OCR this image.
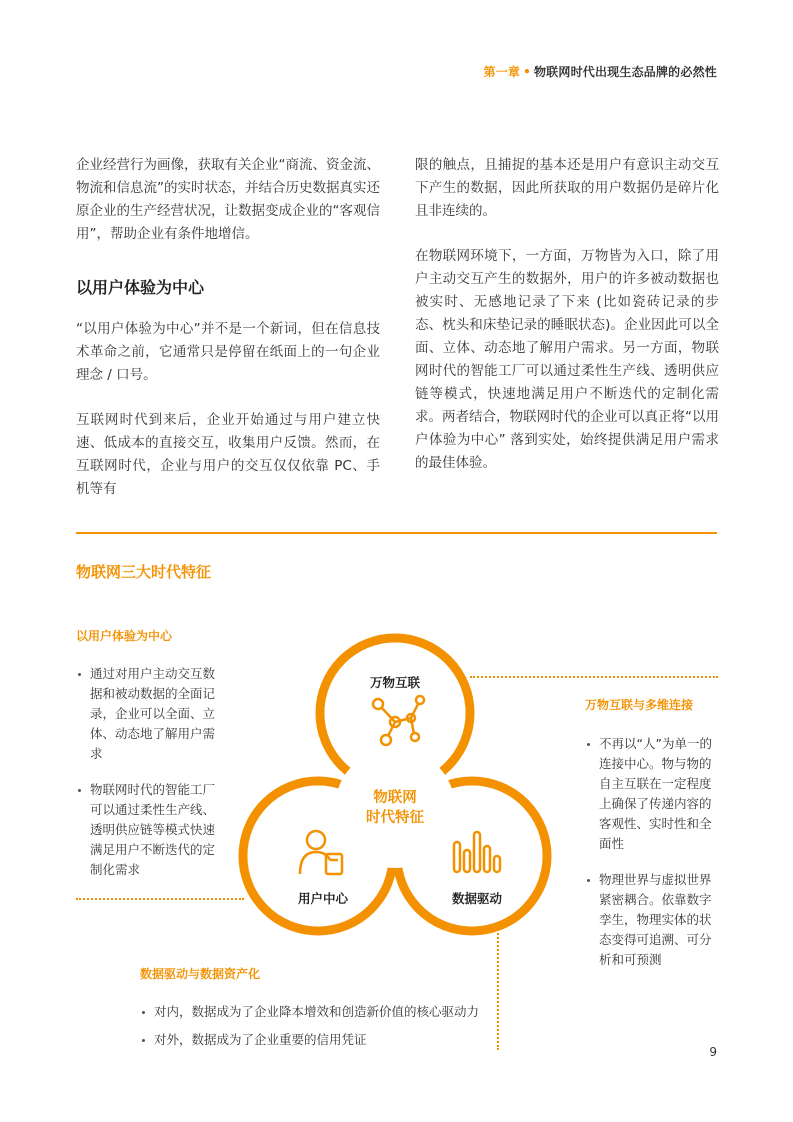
第一章 • 物联网时代出现生态品牌的必然性

企业经营行为画像，获取有关企业“商流、资金流、物流和信息流”的实时状态，并结合历史数据真实还原企业的生产经营状况，让数据变成企业的“客观信用”，帮助企业有条件地增信。

以用户体验为中心

“以用户体验为中心”并不是一个新词，但在信息技术革命之前，它通常只是停留在纸面上的一句企业理念 / 口号。

互联网时代到来后，企业开始通过与用户建立快速、低成本的直接交互，收集用户反馈。然而，在互联网时代，企业与用户的交互仅仅依靠 PC、手机等有

限的触点，且捕捉的基本还是用户有意识主动交互下产生的数据，因此所获取的用户数据仍是碎片化且非连续的。

在物联网环境下，一方面，万物皆为入口，除了用户主动交互产生的数据外，用户的许多被动数据也被实时、无感地记录了下来 (比如瓷砖记录的步态、枕头和床垫记录的睡眠状态)。企业因此可以全面、立体、动态地了解用户需求。另一方面，物联网时代的智能工厂可以通过柔性生产线、透明供应链等模式，快速地满足用户不断迭代的定制化需求。两者结合，物联网时代的企业可以真正将“以用户体验为中心” 落到实处，始终提供满足用户需求的最佳体验。

物联网三大时代特征
以用户体验为中心
通过对用户主动交互数据和被动数据的全面记录，企业可以全面、立体、动态地了解用户需求
物联网时代的智能工厂可以通过柔性生产线、透明供应链等模式快速满足用户不断迭代的定制化需求
万物互联与多维连接
不再以“人”为单一的连接中心。物与物的自主互联在一定程度上确保了传递内容的客观性、实时性和全面性
物理世界与虚拟世界紧密耦合。依靠数字孪生，物理实体的状态变得可追溯、可分析和可预测
数据驱动与数据资产化
对内，数据成为了企业降本增效和创造新价值的核心驱动力
对外，数据成为了企业重要的信用凭证
万物互联
用户中心	数据驱动
物联网
时代特征
9
